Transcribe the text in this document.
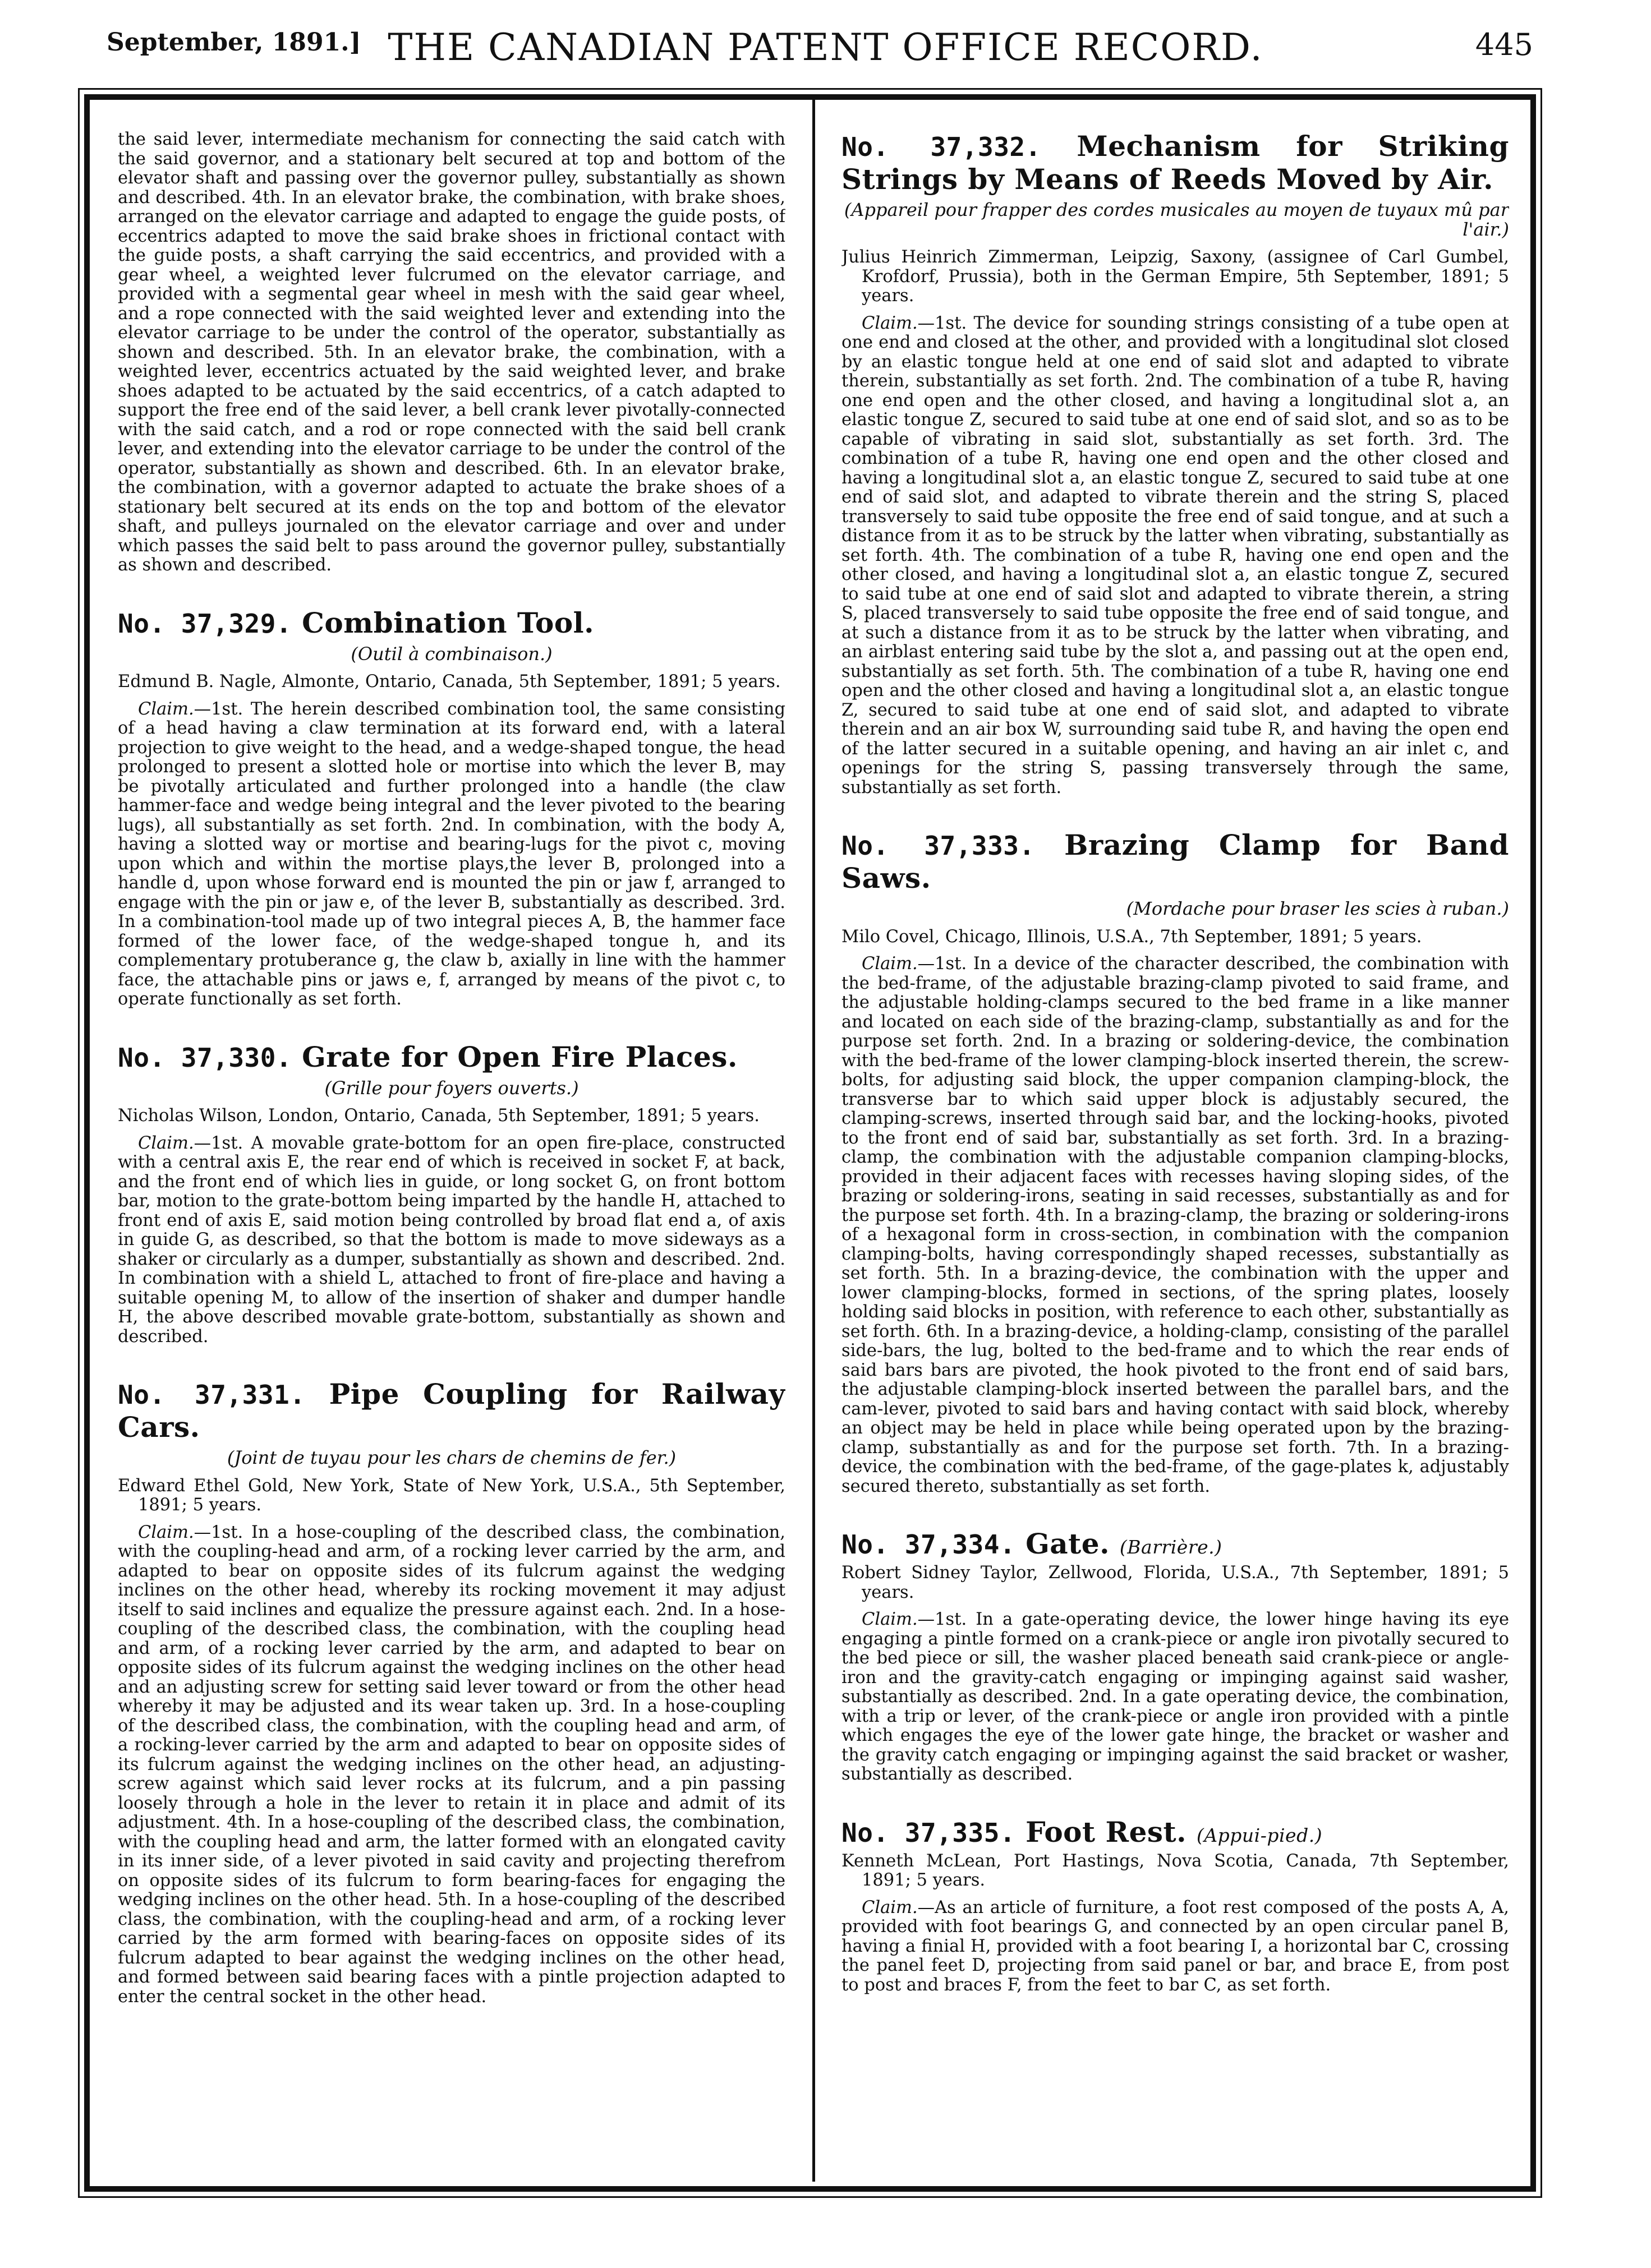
September, 1891.] THE CANADIAN PATENT OFFICE RECORD.	445

the said lever, intermediate mechanism for connecting the said catch with the said governor, and a stationary belt secured at top and bottom of the elevator shaft and passing over the governor pulley, substantially as shown and described. 4th. In an elevator brake, the combination, with brake shoes, arranged on the elevator carriage and adapted to engage the guide posts, of eccentrics adapted to move the said brake shoes in frictional contact with the guide posts, a shaft carrying the said eccentrics, and provided with a gear wheel, a weighted lever fulcrumed on the elevator carriage, and provided with a segmental gear wheel in mesh with the said gear wheel, and a rope connected with the said weighted lever and extending into the elevator carriage to be under the control of the operator, substantially as shown and described. 5th. In an elevator brake, the combination, with a weighted lever, eccentrics actuated by the said weighted lever, and brake shoes adapted to be actuated by the said eccentrics, of a catch adapted to support the free end of the said lever, a bell crank lever pivotally-connected with the said catch, and a rod or rope connected with the said bell crank lever, and extending into the elevator carriage to be under the control of the operator, substantially as shown and described. 6th. In an elevator brake, the combination, with a governor adapted to actuate the brake shoes of a stationary belt secured at its ends on the top and bottom of the elevator shaft, and pulleys journaled on the elevator carriage and over and under which passes the said belt to pass around the governor pulley, substantially as shown and described.

No. 37,329. Combination Tool.
(Outil à combinaison.)

Edmund B. Nagle, Almonte, Ontario, Canada, 5th September, 1891; 5 years.

Claim.—1st. The herein described combination tool, the same consisting of a head having a claw termination at its forward end, with a lateral projection to give weight to the head, and a wedge-shaped tongue, the head prolonged to present a slotted hole or mortise into which the lever B, may be pivotally articulated and further prolonged into a handle (the claw hammer-face and wedge being integral and the lever pivoted to the bearing lugs), all substantially as set forth. 2nd. In combination, with the body A, having a slotted way or mortise and bearing-lugs for the pivot c, moving upon which and within the mortise plays,the lever B, prolonged into a handle d, upon whose forward end is mounted the pin or jaw f, arranged to engage with the pin or jaw e, of the lever B, substantially as described. 3rd. In a combination-tool made up of two integral pieces A, B, the hammer face formed of the lower face, of the wedge-shaped tongue h, and its complementary protuberance g, the claw b, axially in line with the hammer face, the attachable pins or jaws e, f, arranged by means of the pivot c, to operate functionally as set forth.

No. 37,330. Grate for Open Fire Places.
(Grille pour foyers ouverts.)

Nicholas Wilson, London, Ontario, Canada, 5th September, 1891; 5 years.

Claim.—1st. A movable grate-bottom for an open fire-place, constructed with a central axis E, the rear end of which is received in socket F, at back, and the front end of which lies in guide, or long socket G, on front bottom bar, motion to the grate-bottom being imparted by the handle H, attached to front end of axis E, said motion being controlled by broad flat end a, of axis in guide G, as described, so that the bottom is made to move sideways as a shaker or circularly as a dumper, substantially as shown and described. 2nd. In combination with a shield L, attached to front of fire-place and having a suitable opening M, to allow of the insertion of shaker and dumper handle H, the above described movable grate-bottom, substantially as shown and described.

No. 37,331. Pipe Coupling for Railway Cars.
(Joint de tuyau pour les chars de chemins de fer.)

Edward Ethel Gold, New York, State of New York, U.S.A., 5th September, 1891; 5 years.

Claim.—1st. In a hose-coupling of the described class, the combination, with the coupling-head and arm, of a rocking lever carried by the arm, and adapted to bear on opposite sides of its fulcrum against the wedging inclines on the other head, whereby its rocking movement it may adjust itself to said inclines and equalize the pressure against each. 2nd. In a hose-coupling of the described class, the combination, with the coupling head and arm, of a rocking lever carried by the arm, and adapted to bear on opposite sides of its fulcrum against the wedging inclines on the other head and an adjusting screw for setting said lever toward or from the other head whereby it may be adjusted and its wear taken up. 3rd. In a hose-coupling of the described class, the combination, with the coupling head and arm, of a rocking-lever carried by the arm and adapted to bear on opposite sides of its fulcrum against the wedging inclines on the other head, an adjusting-screw against which said lever rocks at its fulcrum, and a pin passing loosely through a hole in the lever to retain it in place and admit of its adjustment. 4th. In a hose-coupling of the described class, the combination, with the coupling head and arm, the latter formed with an elongated cavity in its inner side, of a lever pivoted in said cavity and projecting therefrom on opposite sides of its fulcrum to form bearing-faces for engaging the wedging inclines on the other head. 5th. In a hose-coupling of the described class, the combination, with the coupling-head and arm, of a rocking lever carried by the arm formed with bearing-faces on opposite sides of its fulcrum adapted to bear against the wedging inclines on the other head, and formed between said bearing faces with a pintle projection adapted to enter the central socket in the other head.

No. 37,332. Mechanism for Striking Strings by Means of Reeds Moved by Air.
(Appareil pour frapper des cordes musicales au moyen de tuyaux mû par l'air.)

Julius Heinrich Zimmerman, Leipzig, Saxony, (assignee of Carl Gumbel, Krofdorf, Prussia), both in the German Empire, 5th September, 1891; 5 years.

Claim.—1st. The device for sounding strings consisting of a tube open at one end and closed at the other, and provided with a longitudinal slot closed by an elastic tongue held at one end of said slot and adapted to vibrate therein, substantially as set forth. 2nd. The combination of a tube R, having one end open and the other closed, and having a longitudinal slot a, an elastic tongue Z, secured to said tube at one end of said slot, and so as to be capable of vibrating in said slot, substantially as set forth. 3rd. The combination of a tube R, having one end open and the other closed and having a longitudinal slot a, an elastic tongue Z, secured to said tube at one end of said slot, and adapted to vibrate therein and the string S, placed transversely to said tube opposite the free end of said tongue, and at such a distance from it as to be struck by the latter when vibrating, substantially as set forth. 4th. The combination of a tube R, having one end open and the other closed, and having a longitudinal slot a, an elastic tongue Z, secured to said tube at one end of said slot and adapted to vibrate therein, a string S, placed transversely to said tube opposite the free end of said tongue, and at such a distance from it as to be struck by the latter when vibrating, and an airblast entering said tube by the slot a, and passing out at the open end, substantially as set forth. 5th. The combination of a tube R, having one end open and the other closed and having a longitudinal slot a, an elastic tongue Z, secured to said tube at one end of said slot, and adapted to vibrate therein and an air box W, surrounding said tube R, and having the open end of the latter secured in a suitable opening, and having an air inlet c, and openings for the string S, passing transversely through the same, substantially as set forth.

No. 37,333. Brazing Clamp for Band Saws.
(Mordache pour braser les scies à ruban.)

Milo Covel, Chicago, Illinois, U.S.A., 7th September, 1891; 5 years.

Claim.—1st. In a device of the character described, the combination with the bed-frame, of the adjustable brazing-clamp pivoted to said frame, and the adjustable holding-clamps secured to the bed frame in a like manner and located on each side of the brazing-clamp, substantially as and for the purpose set forth. 2nd. In a brazing or soldering-device, the combination with the bed-frame of the lower clamping-block inserted therein, the screw-bolts, for adjusting said block, the upper companion clamping-block, the transverse bar to which said upper block is adjustably secured, the clamping-screws, inserted through said bar, and the locking-hooks, pivoted to the front end of said bar, substantially as set forth. 3rd. In a brazing-clamp, the combination with the adjustable companion clamping-blocks, provided in their adjacent faces with recesses having sloping sides, of the brazing or soldering-irons, seating in said recesses, substantially as and for the purpose set forth. 4th. In a brazing-clamp, the brazing or soldering-irons of a hexagonal form in cross-section, in combination with the companion clamping-bolts, having correspondingly shaped recesses, substantially as set forth. 5th. In a brazing-device, the combination with the upper and lower clamping-blocks, formed in sections, of the spring plates, loosely holding said blocks in position, with reference to each other, substantially as set forth. 6th. In a brazing-device, a holding-clamp, consisting of the parallel side-bars, the lug, bolted to the bed-frame and to which the rear ends of said bars bars are pivoted, the hook pivoted to the front end of said bars, the adjustable clamping-block inserted between the parallel bars, and the cam-lever, pivoted to said bars and having contact with said block, whereby an object may be held in place while being operated upon by the brazing-clamp, substantially as and for the purpose set forth. 7th. In a brazing-device, the combination with the bed-frame, of the gage-plates k, adjustably secured thereto, substantially as set forth.

No. 37,334. Gate. (Barrière.)

Robert Sidney Taylor, Zellwood, Florida, U.S.A., 7th September, 1891; 5 years.

Claim.—1st. In a gate-operating device, the lower hinge having its eye engaging a pintle formed on a crank-piece or angle iron pivotally secured to the bed piece or sill, the washer placed beneath said crank-piece or angle-iron and the gravity-catch engaging or impinging against said washer, substantially as described. 2nd. In a gate operating device, the combination, with a trip or lever, of the crank-piece or angle iron provided with a pintle which engages the eye of the lower gate hinge, the bracket or washer and the gravity catch engaging or impinging against the said bracket or washer, substantially as described.

No. 37,335. Foot Rest. (Appui-pied.)

Kenneth McLean, Port Hastings, Nova Scotia, Canada, 7th September, 1891; 5 years.

Claim.—As an article of furniture, a foot rest composed of the posts A, A, provided with foot bearings G, and connected by an open circular panel B, having a finial H, provided with a foot bearing I, a horizontal bar C, crossing the panel feet D, projecting from said panel or bar, and brace E, from post to post and braces F, from the feet to bar C, as set forth.
